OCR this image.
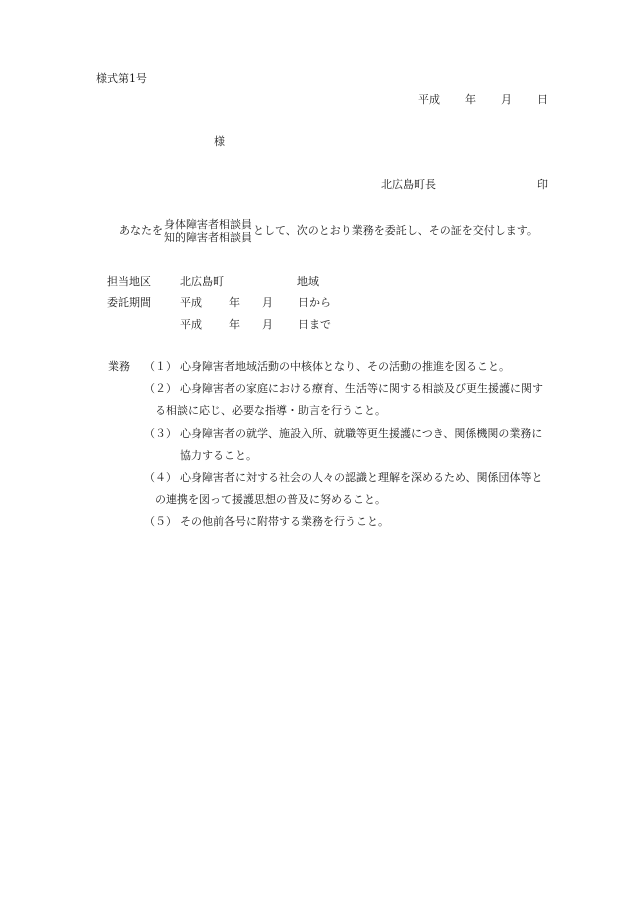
様式第1号
平成 年 月 日
様
北広島町長	印
あなたを 身体障害者相談員
知的障害者相談員
として、次のとおり業務を委託し、その証を交付します。
担当地区	北広島町	地域
委託期間	平成 年 月 日から
平成 年 月 日まで
業務 （１） 心身障害者地域活動の中核体となり、その活動の推進を図ること。
（２） 心身障害者の家庭における療育、生活等に関する相談及び更生援護に関す
る相談に応じ、必要な指導・助言を行うこと。
（３） 心身障害者の就学、施設入所、就職等更生援護につき、関係機関の業務に
協力すること。
（４） 心身障害者に対する社会の人々の認識と理解を深めるため、関係団体等と
の連携を図って援護思想の普及に努めること。
（５） その他前各号に附帯する業務を行うこと。
